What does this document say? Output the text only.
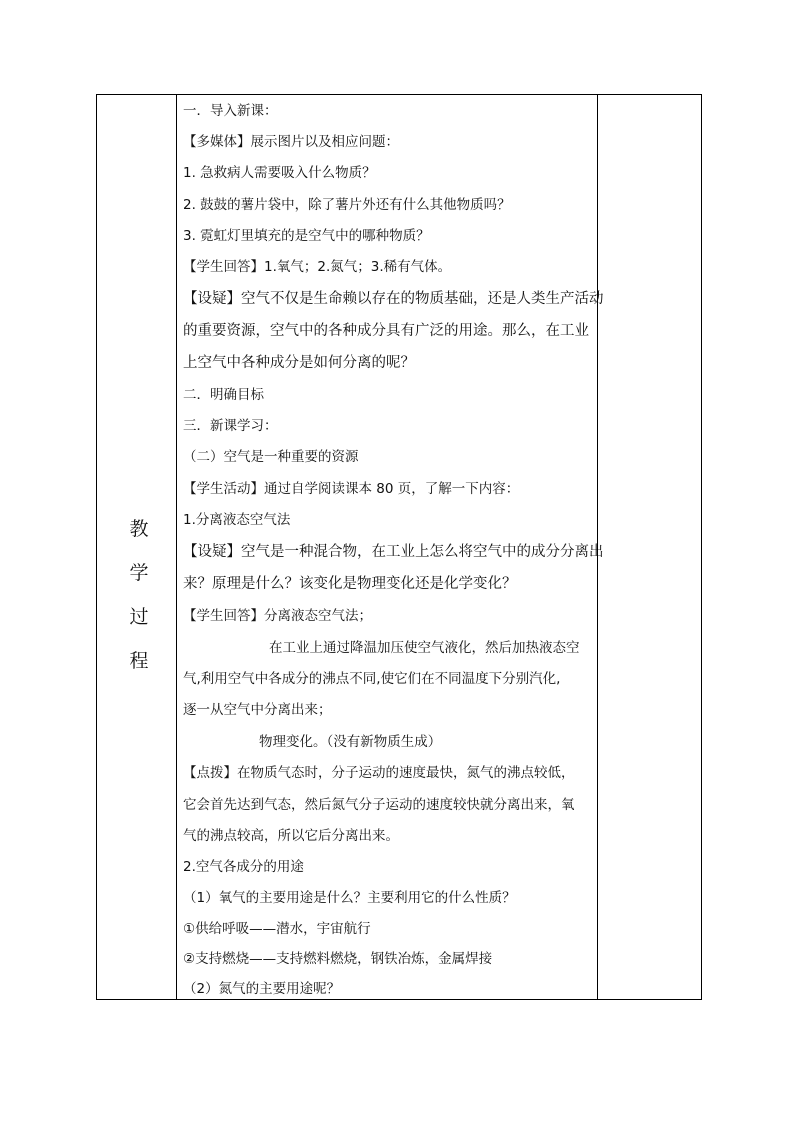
教
学
过
程
一．导入新课：
【多媒体】展示图片以及相应问题：
1. 急救病人需要吸入什么物质？
2. 鼓鼓的薯片袋中，除了薯片外还有什么其他物质吗？
3. 霓虹灯里填充的是空气中的哪种物质？
【学生回答】1.氧气；2.氮气；3.稀有气体。
【设疑】空气不仅是生命赖以存在的物质基础，还是人类生产活动
的重要资源，空气中的各种成分具有广泛的用途。那么，在工业
上空气中各种成分是如何分离的呢？
二．明确目标
三．新课学习：
（二）空气是一种重要的资源
【学生活动】通过自学阅读课本 80 页，了解一下内容：
1.分离液态空气法
【设疑】空气是一种混合物，在工业上怎么将空气中的成分分离出
来？原理是什么？该变化是物理变化还是化学变化？
【学生回答】分离液态空气法；
在工业上通过降温加压使空气液化，然后加热液态空
气,利用空气中各成分的沸点不同,使它们在不同温度下分别汽化,
逐一从空气中分离出来；
物理变化。（没有新物质生成）
【点拨】在物质气态时，分子运动的速度最快，氮气的沸点较低，
它会首先达到气态，然后氮气分子运动的速度较快就分离出来，氧
气的沸点较高，所以它后分离出来。
2.空气各成分的用途
（1）氧气的主要用途是什么？主要利用它的什么性质？
①供给呼吸——潜水，宇宙航行
②支持燃烧——支持燃料燃烧，钢铁冶炼，金属焊接
（2）氮气的主要用途呢？
